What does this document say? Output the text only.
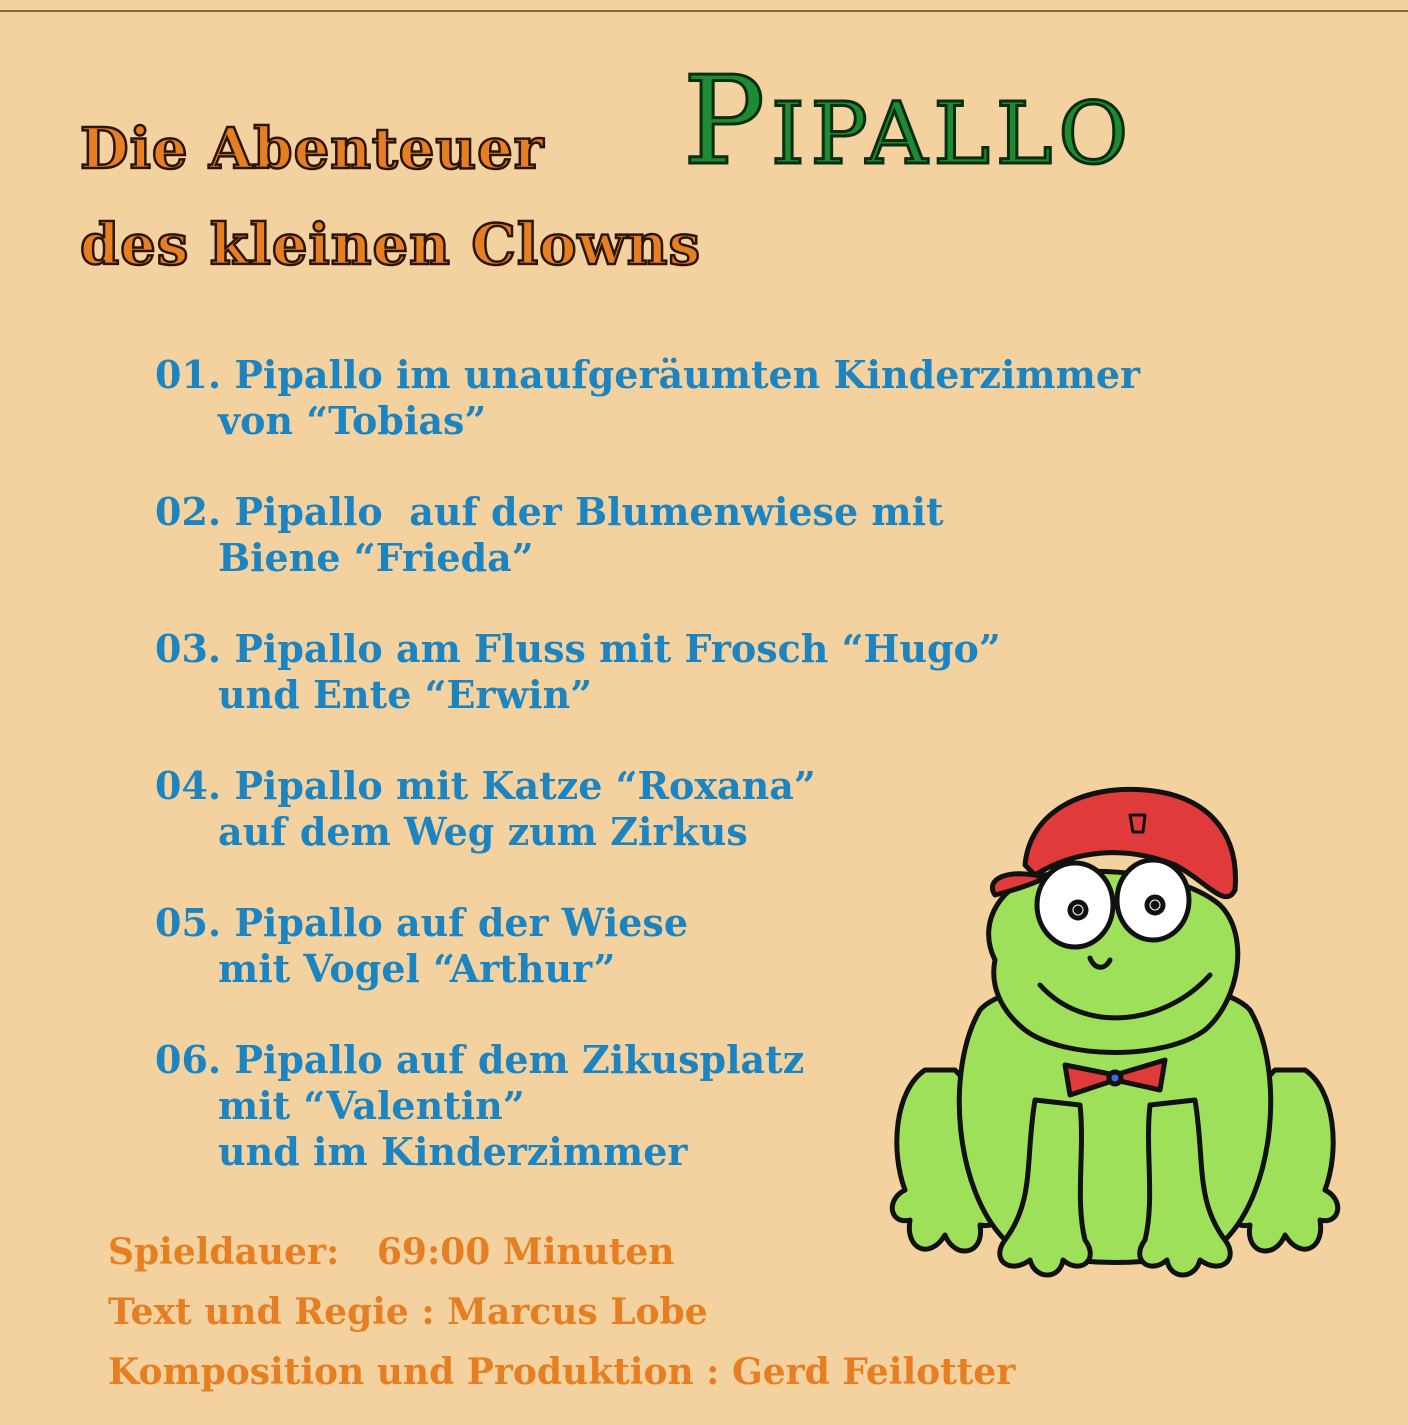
Die Abenteuer
des kleinen Clowns
Pipallo
01. Pipallo im unaufgeräumten Kinderzimmer
von “Tobias”
02. Pipallo  auf der Blumenwiese mit
Biene “Frieda”
03. Pipallo am Fluss mit Frosch “Hugo”
und Ente “Erwin”
04. Pipallo mit Katze “Roxana”
auf dem Weg zum Zirkus
05. Pipallo auf der Wiese
mit Vogel “Arthur”
06. Pipallo auf dem Zikusplatz
mit “Valentin”
und im Kinderzimmer
Spieldauer:   69:00 Minuten
Text und Regie : Marcus Lobe
Komposition und Produktion : Gerd Feilotter
